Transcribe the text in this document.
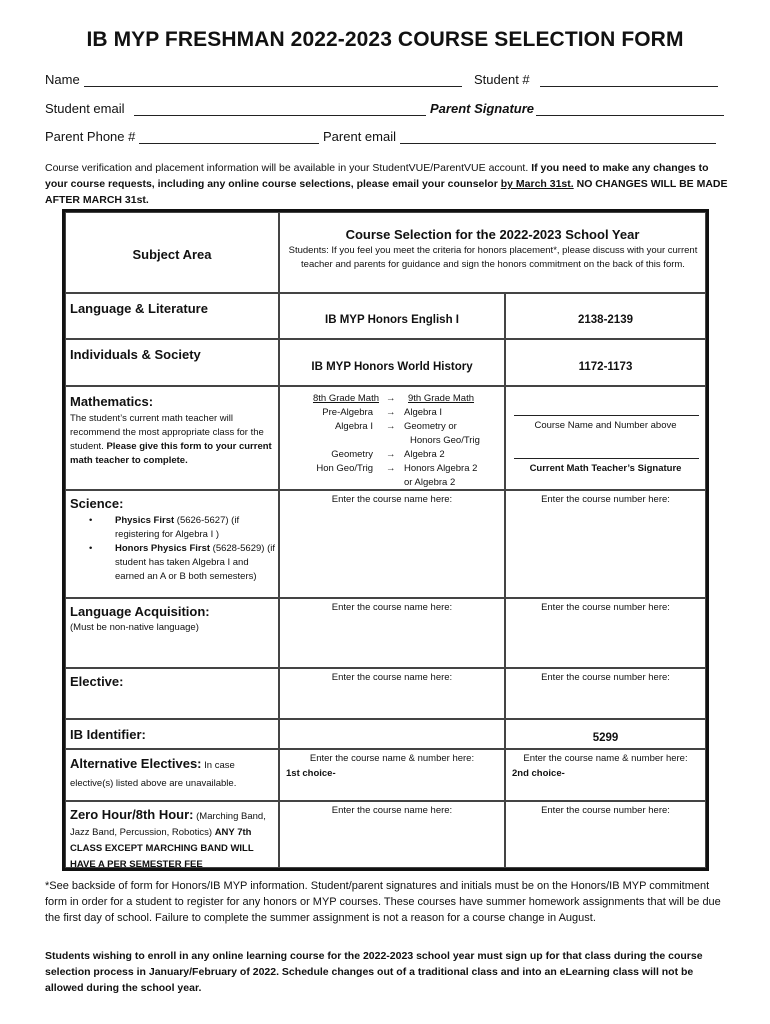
IB MYP FRESHMAN 2022-2023 COURSE SELECTION FORM
Name	Student #
Student email	Parent Signature
Parent Phone #	Parent email
Course verification and placement information will be available in your StudentVUE/ParentVUE account. If you need to make any changes to your course requests, including any online course selections, please email your counselor by March 31st. NO CHANGES WILL BE MADE AFTER MARCH 31st.
Subject Area
Course Selection for the 2022-2023 School Year
Students: If you feel you meet the criteria for honors placement*, please discuss with your current teacher and parents for guidance and sign the honors commitment on the back of this form.
Language & Literature
IB MYP Honors English I	2138-2139
Individuals & Society
IB MYP Honors World History	1172-1173
Mathematics:
The student’s current math teacher will recommend the most appropriate class for the student. Please give this form to your current math teacher to complete.
8th Grade Math → 9th Grade Math
Pre-Algebra → Algebra I
Algebra I → Geometry or
Honors Geo/Trig
Geometry → Algebra 2
Hon Geo/Trig → Honors Algebra 2
or Algebra 2
Course Name and Number above
Current Math Teacher’s Signature
Science:
• Physics First (5626-5627) (if registering for Algebra I )
• Honors Physics First (5628-5629) (if student has taken Algebra I and earned an A or B both semesters)
Enter the course name here:	Enter the course number here:
Language Acquisition:
(Must be non-native language)
Enter the course name here:	Enter the course number here:
Elective:	Enter the course name here:	Enter the course number here:
IB Identifier:	5299
Alternative Electives: In case elective(s) listed above are unavailable.
Enter the course name & number here:
1st choice-
Enter the course name & number here:
2nd choice-
Zero Hour/8th Hour: (Marching Band, Jazz Band, Percussion, Robotics) ANY 7th CLASS EXCEPT MARCHING BAND WILL HAVE A PER SEMESTER FEE
Enter the course name here:	Enter the course number here:
*See backside of form for Honors/IB MYP information. Student/parent signatures and initials must be on the Honors/IB MYP commitment form in order for a student to register for any honors or MYP courses. These courses have summer homework assignments that will be due the first day of school. Failure to complete the summer assignment is not a reason for a course change in August.
Students wishing to enroll in any online learning course for the 2022-2023 school year must sign up for that class during the course selection process in January/February of 2022. Schedule changes out of a traditional class and into an eLearning class will not be allowed during the school year.
